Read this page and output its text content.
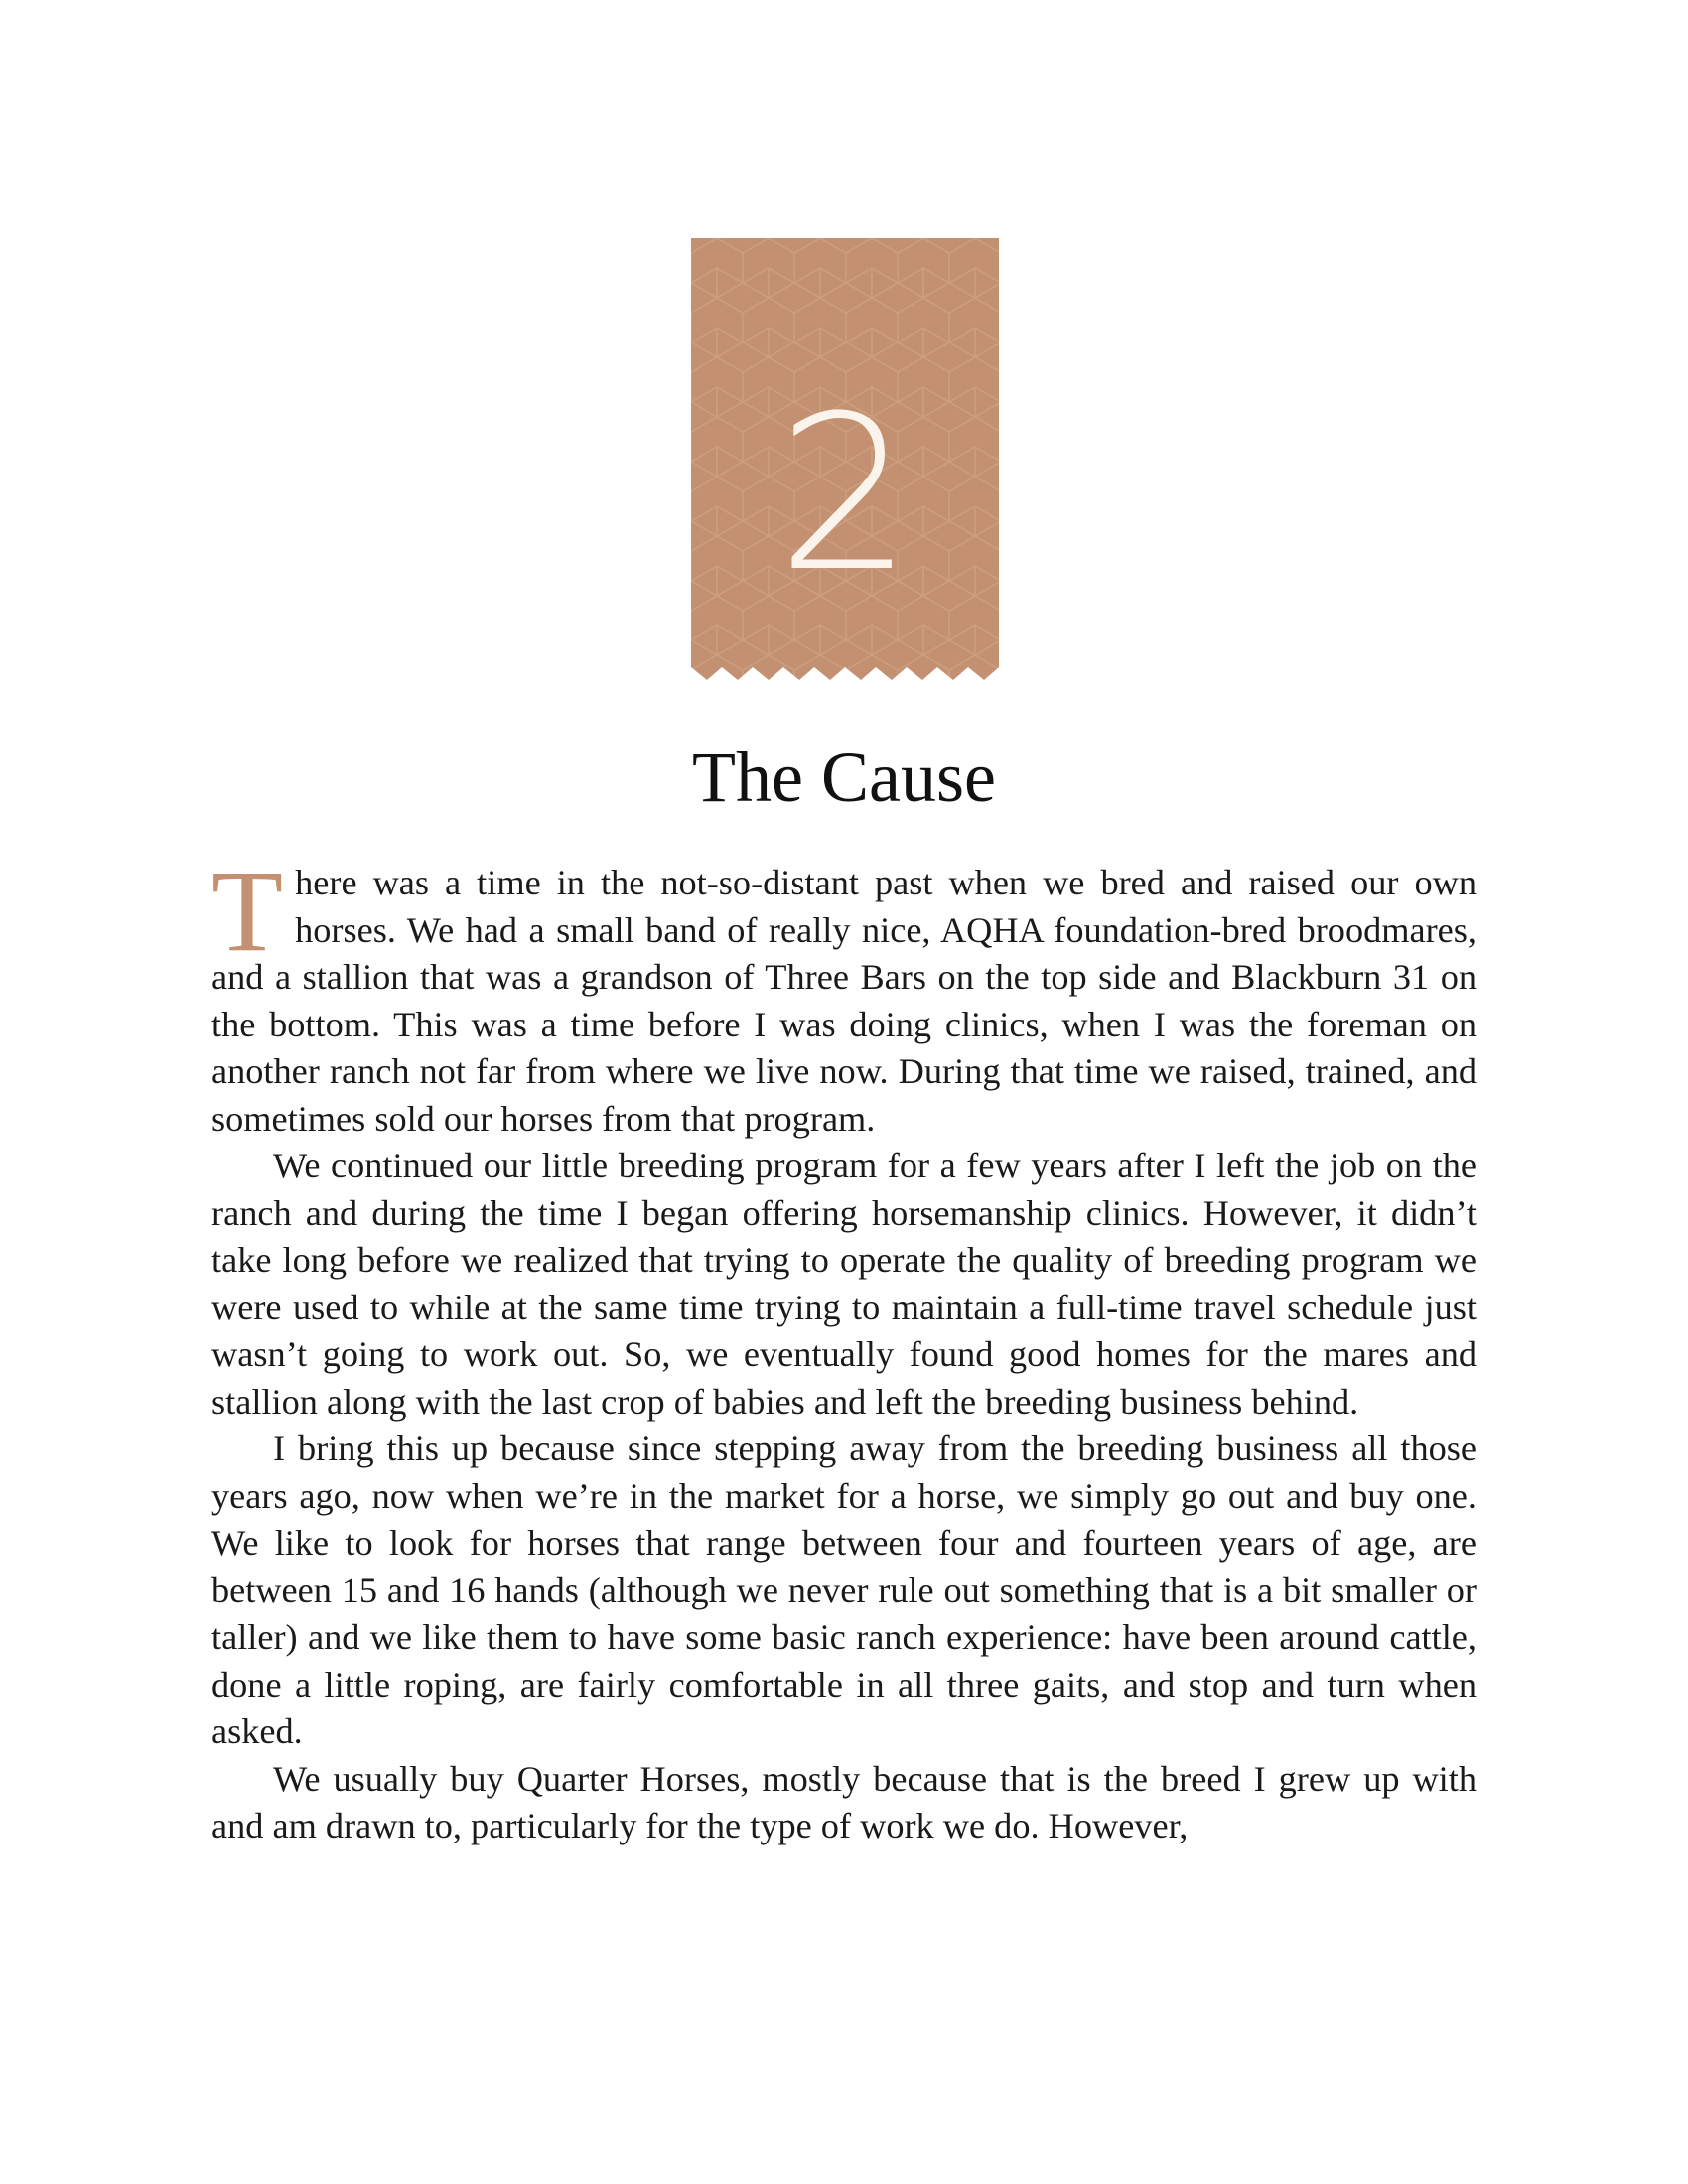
2
The Cause

There was a time in the not-so-distant past when we bred and raised our own horses. We had a small band of really nice, AQHA foundation-bred broodmares, and a stallion that was a grandson of Three Bars on the top side and Blackburn 31 on the bottom. This was a time before I was doing clinics, when I was the foreman on another ranch not far from where we live now. During that time we raised, trained, and sometimes sold our horses from that program.

We continued our little breeding program for a few years after I left the job on the ranch and during the time I began offering horsemanship clinics. However, it didn’t take long before we realized that trying to operate the quality of breeding program we were used to while at the same time trying to maintain a full-time travel schedule just wasn’t going to work out. So, we eventually found good homes for the mares and stallion along with the last crop of babies and left the breeding business behind.

I bring this up because since stepping away from the breeding business all those years ago, now when we’re in the market for a horse, we simply go out and buy one. We like to look for horses that range between four and fourteen years of age, are between 15 and 16 hands (although we never rule out something that is a bit smaller or taller) and we like them to have some basic ranch experience: have been around cattle, done a little roping, are fairly comfortable in all three gaits, and stop and turn when asked.

We usually buy Quarter Horses, mostly because that is the breed I grew up with and am drawn to, particularly for the type of work we do. However,
